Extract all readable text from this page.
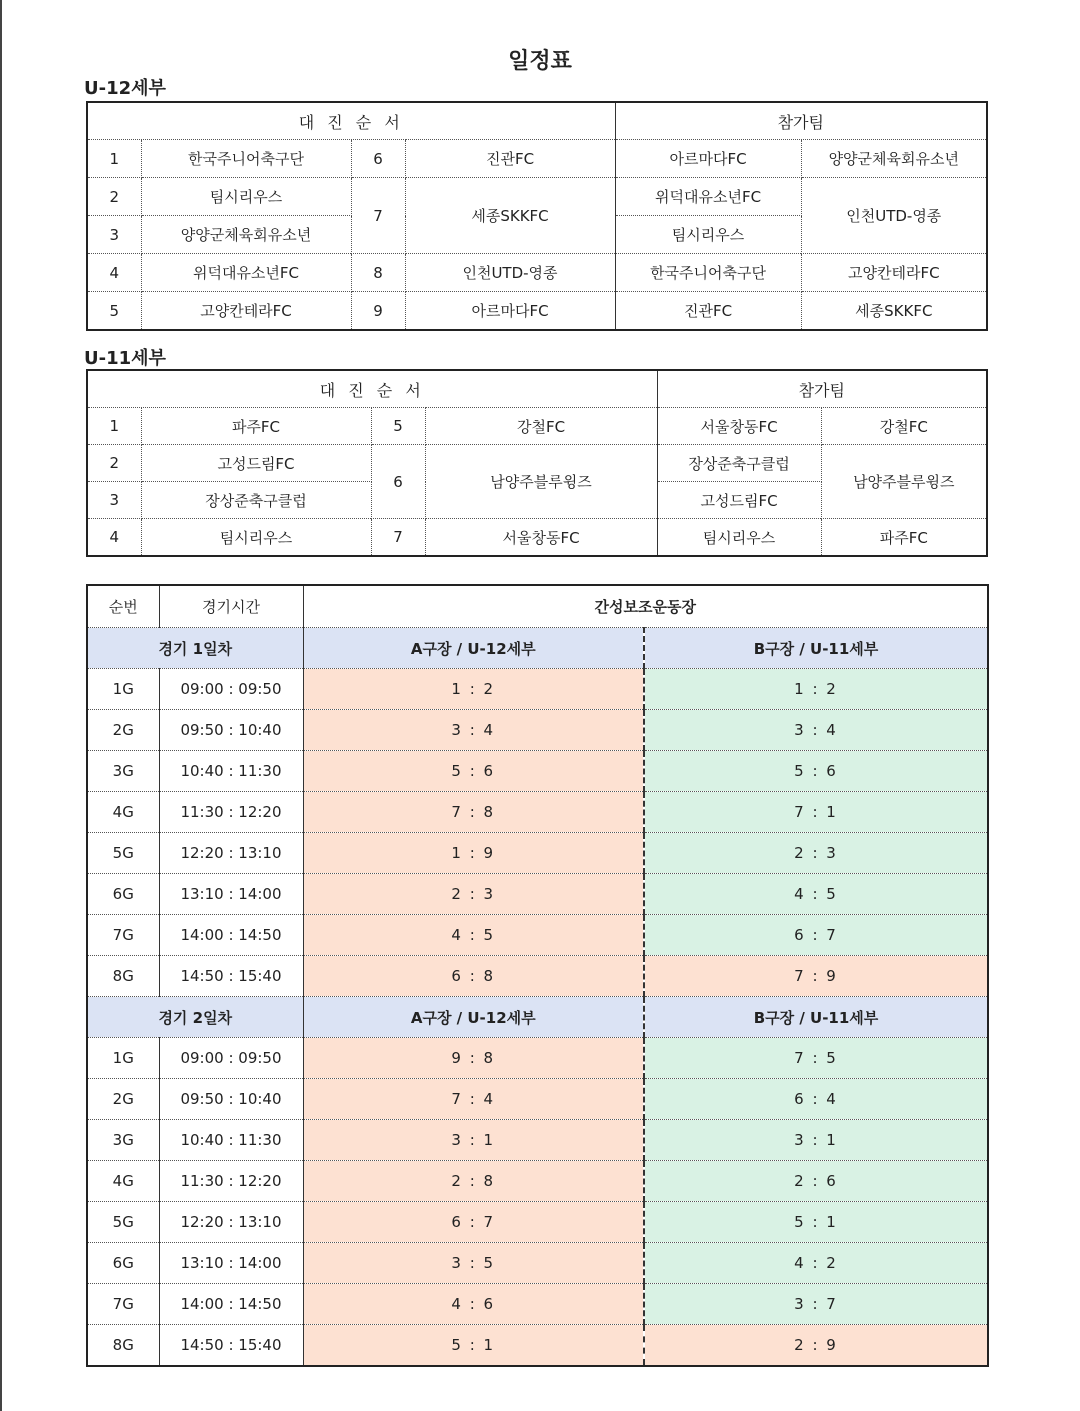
일정표
U-12세부
대 진 순 서				참가팀	
1	한국주니어축구단	6	진관FC	아르마다FC	양양군체육회유소년
2	팀시리우스	7	세종SKKFC	위덕대유소년FC	인천UTD-영종
3	양양군체육회유소년			팀시리우스	
4	위덕대유소년FC	8	인천UTD-영종	한국주니어축구단	고양칸테라FC
5	고양칸테라FC	9	아르마다FC	진관FC	세종SKKFC
U-11세부
대 진 순 서				참가팀	
1	파주FC	5	강철FC	서울창동FC	강철FC
2	고성드림FC	6	남양주블루윙즈	장상준축구클럽	남양주블루윙즈
3	장상준축구클럽			고성드림FC	
4	팀시리우스	7	서울창동FC	팀시리우스	파주FC
순번	경기시간	간성보조운동장	
경기 1일차		A구장 / U-12세부	B구장 / U-11세부
1G	09:00 : 09:50	1 : 2	1 : 2
2G	09:50 : 10:40	3 : 4	3 : 4
3G	10:40 : 11:30	5 : 6	5 : 6
4G	11:30 : 12:20	7 : 8	7 : 1
5G	12:20 : 13:10	1 : 9	2 : 3
6G	13:10 : 14:00	2 : 3	4 : 5
7G	14:00 : 14:50	4 : 5	6 : 7
8G	14:50 : 15:40	6 : 8	7 : 9
경기 2일차		A구장 / U-12세부	B구장 / U-11세부
1G	09:00 : 09:50	9 : 8	7 : 5
2G	09:50 : 10:40	7 : 4	6 : 4
3G	10:40 : 11:30	3 : 1	3 : 1
4G	11:30 : 12:20	2 : 8	2 : 6
5G	12:20 : 13:10	6 : 7	5 : 1
6G	13:10 : 14:00	3 : 5	4 : 2
7G	14:00 : 14:50	4 : 6	3 : 7
8G	14:50 : 15:40	5 : 1	2 : 9
